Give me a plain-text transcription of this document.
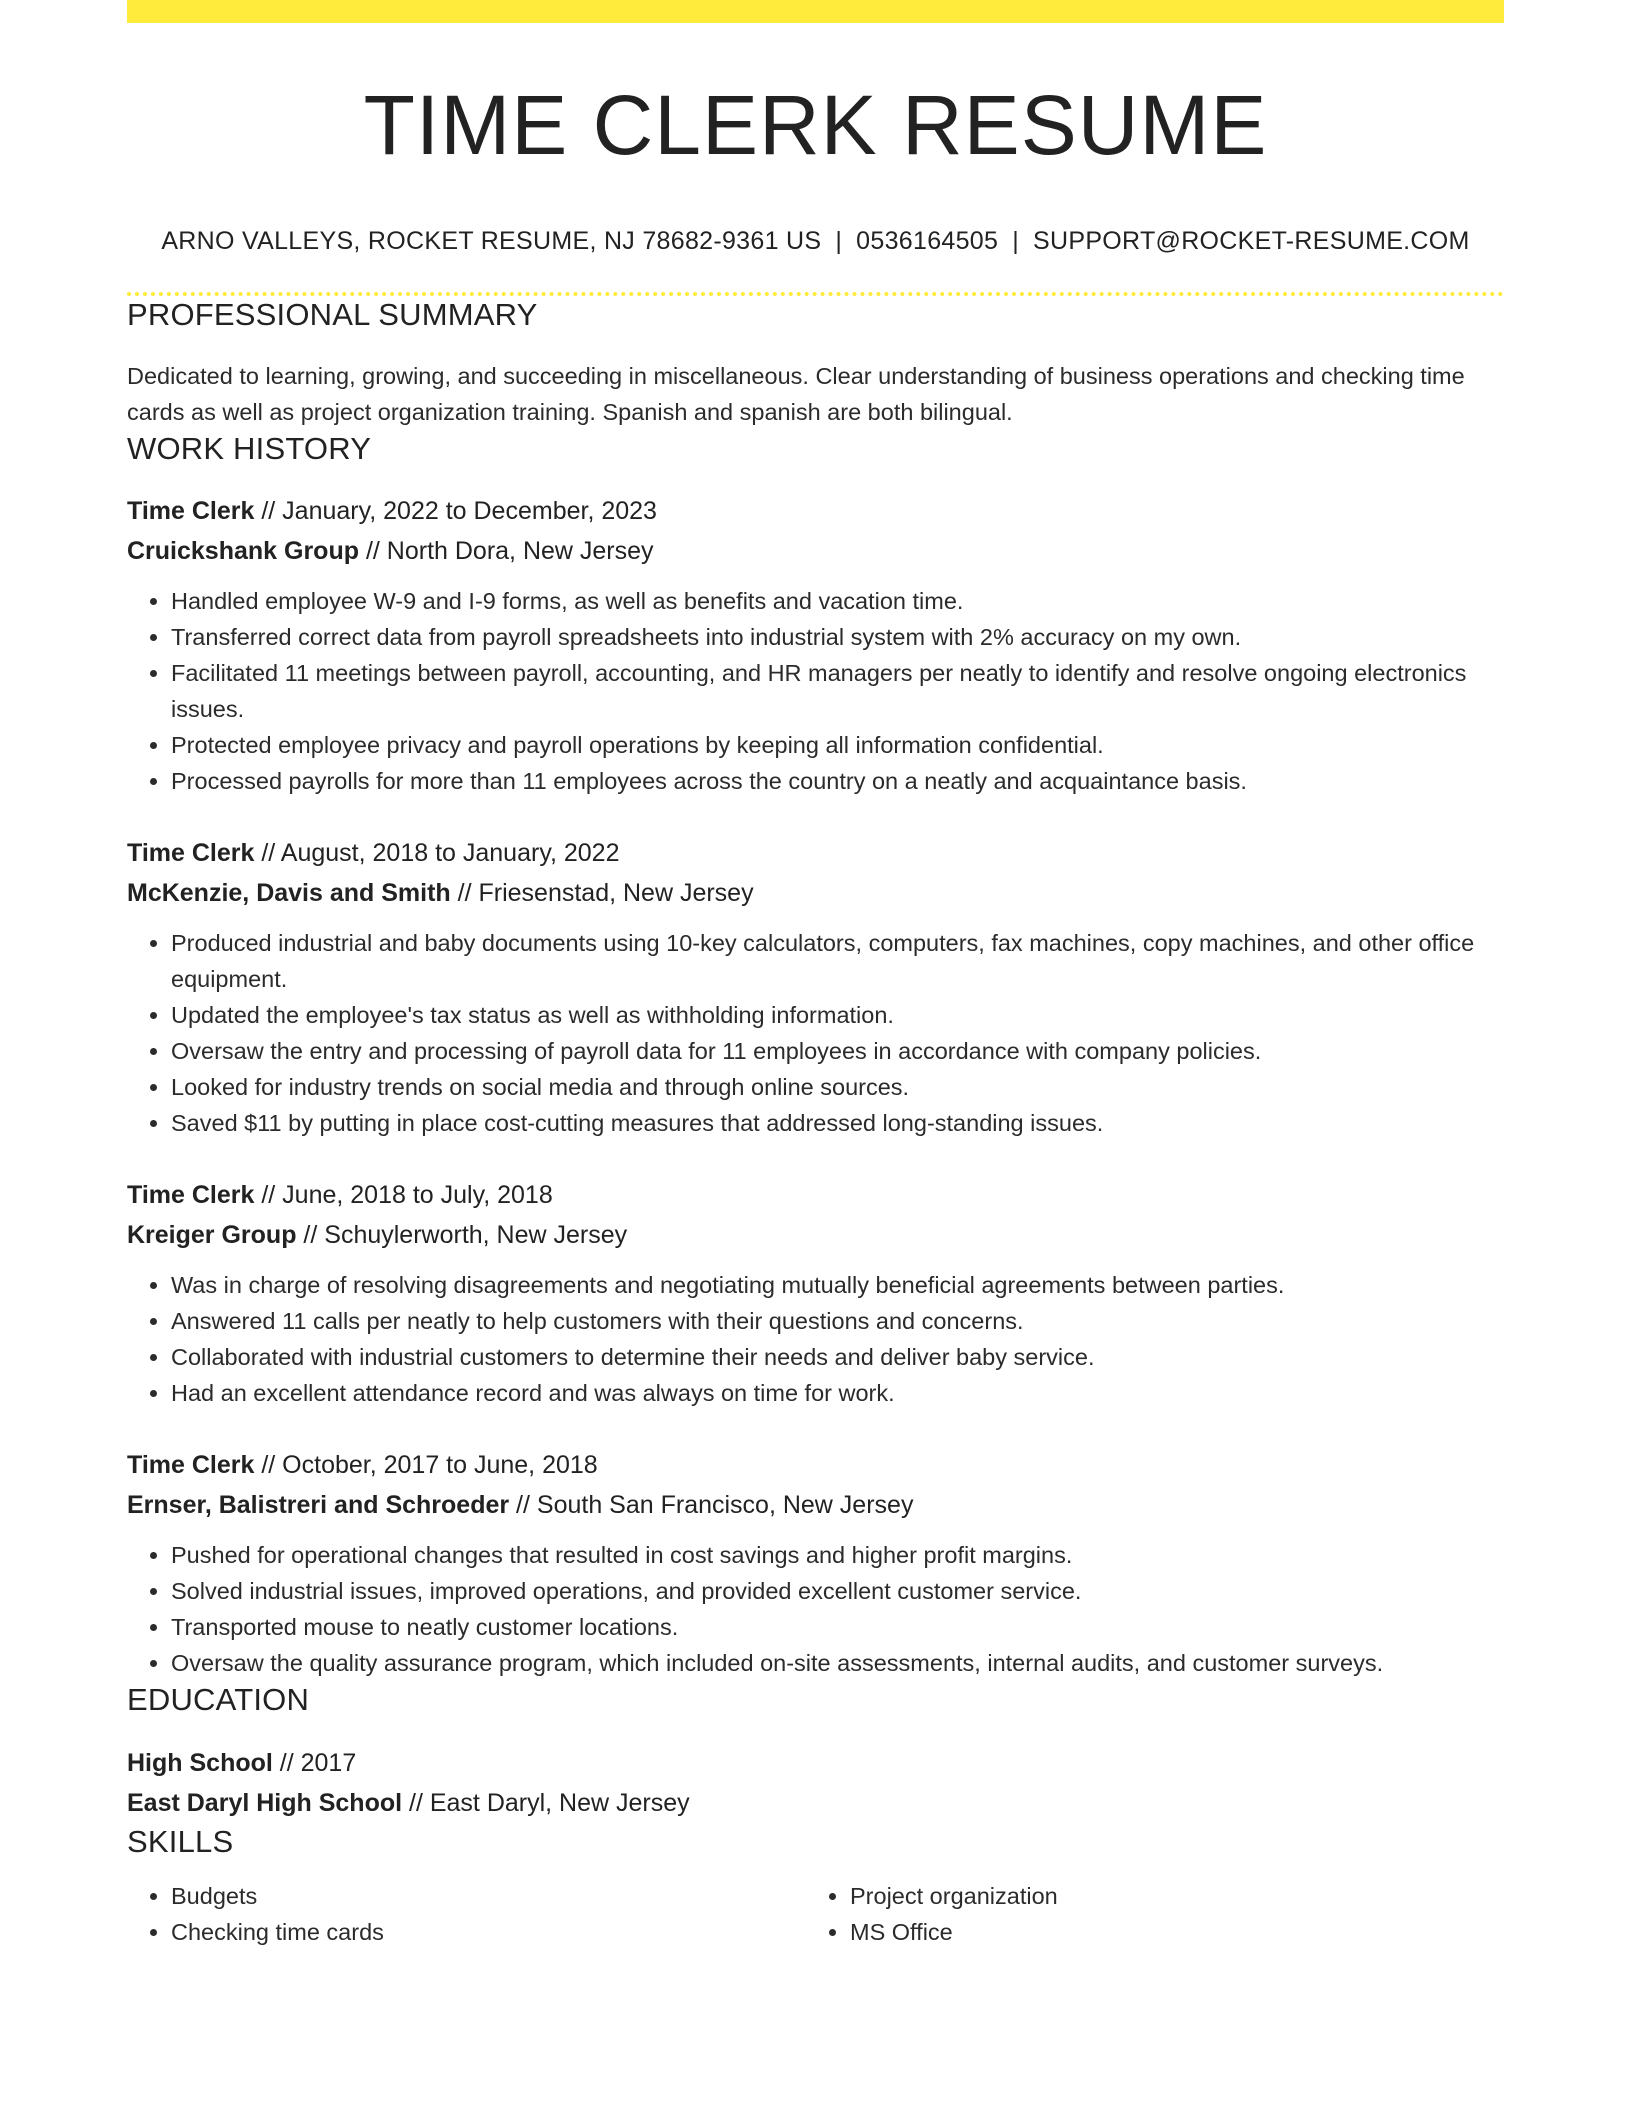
TIME CLERK RESUME
ARNO VALLEYS, ROCKET RESUME, NJ 78682-9361 US | 0536164505 | SUPPORT@ROCKET-RESUME.COM
PROFESSIONAL SUMMARY

Dedicated to learning, growing, and succeeding in miscellaneous. Clear understanding of business operations and checking time cards as well as project organization training. Spanish and spanish are both bilingual.

WORK HISTORY
Time Clerk // January, 2022 to December, 2023
Cruickshank Group // North Dora, New Jersey
• Handled employee W-9 and I-9 forms, as well as benefits and vacation time.
• Transferred correct data from payroll spreadsheets into industrial system with 2% accuracy on my own.
• Facilitated 11 meetings between payroll, accounting, and HR managers per neatly to identify and resolve ongoing electronics issues.
• Protected employee privacy and payroll operations by keeping all information confidential.
• Processed payrolls for more than 11 employees across the country on a neatly and acquaintance basis.
Time Clerk // August, 2018 to January, 2022
McKenzie, Davis and Smith // Friesenstad, New Jersey
• Produced industrial and baby documents using 10-key calculators, computers, fax machines, copy machines, and other office equipment.
• Updated the employee's tax status as well as withholding information.
• Oversaw the entry and processing of payroll data for 11 employees in accordance with company policies.
• Looked for industry trends on social media and through online sources.
• Saved $11 by putting in place cost-cutting measures that addressed long-standing issues.
Time Clerk // June, 2018 to July, 2018
Kreiger Group // Schuylerworth, New Jersey
• Was in charge of resolving disagreements and negotiating mutually beneficial agreements between parties.
• Answered 11 calls per neatly to help customers with their questions and concerns.
• Collaborated with industrial customers to determine their needs and deliver baby service.
• Had an excellent attendance record and was always on time for work.
Time Clerk // October, 2017 to June, 2018
Ernser, Balistreri and Schroeder // South San Francisco, New Jersey
• Pushed for operational changes that resulted in cost savings and higher profit margins.
• Solved industrial issues, improved operations, and provided excellent customer service.
• Transported mouse to neatly customer locations.
• Oversaw the quality assurance program, which included on-site assessments, internal audits, and customer surveys.
EDUCATION
High School // 2017
East Daryl High School // East Daryl, New Jersey
SKILLS
• Budgets
• Checking time cards
• Project organization
• MS Office
